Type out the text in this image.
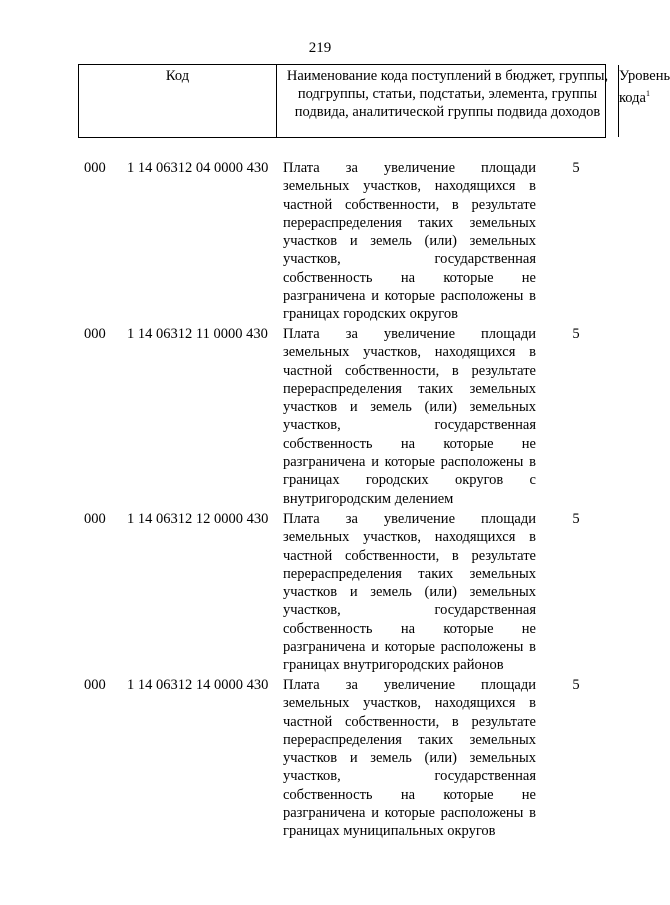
219
Код	Наименование кода поступлений в бюджет, группы, подгруппы, статьи, подстатьи, элемента, группы подвида, аналитической группы подвида доходов
Уровень кода$^1$
000 1 14 06312 04 0000 430 Плата за увеличение площади земельных участков, находящихся в частной собственности, в результате перераспределения таких земельных участков и земель (или) земельных участков, государственная собственность на которые не разграничена и которые расположены в границах городских округов
5
000 1 14 06312 11 0000 430 Плата за увеличение площади земельных участков, находящихся в частной собственности, в результате перераспределения таких земельных участков и земель (или) земельных участков, государственная собственность на которые не разграничена и которые расположены в границах городских округов с внутригородским делением
5
000 1 14 06312 12 0000 430 Плата за увеличение площади земельных участков, находящихся в частной собственности, в результате перераспределения таких земельных участков и земель (или) земельных участков, государственная собственность на которые не разграничена и которые расположены в границах внутригородских районов
5
000 1 14 06312 14 0000 430 Плата за увеличение площади земельных участков, находящихся в частной собственности, в результате перераспределения таких земельных участков и земель (или) земельных участков, государственная собственность на которые не разграничена и которые расположены в границах муниципальных округов
5
